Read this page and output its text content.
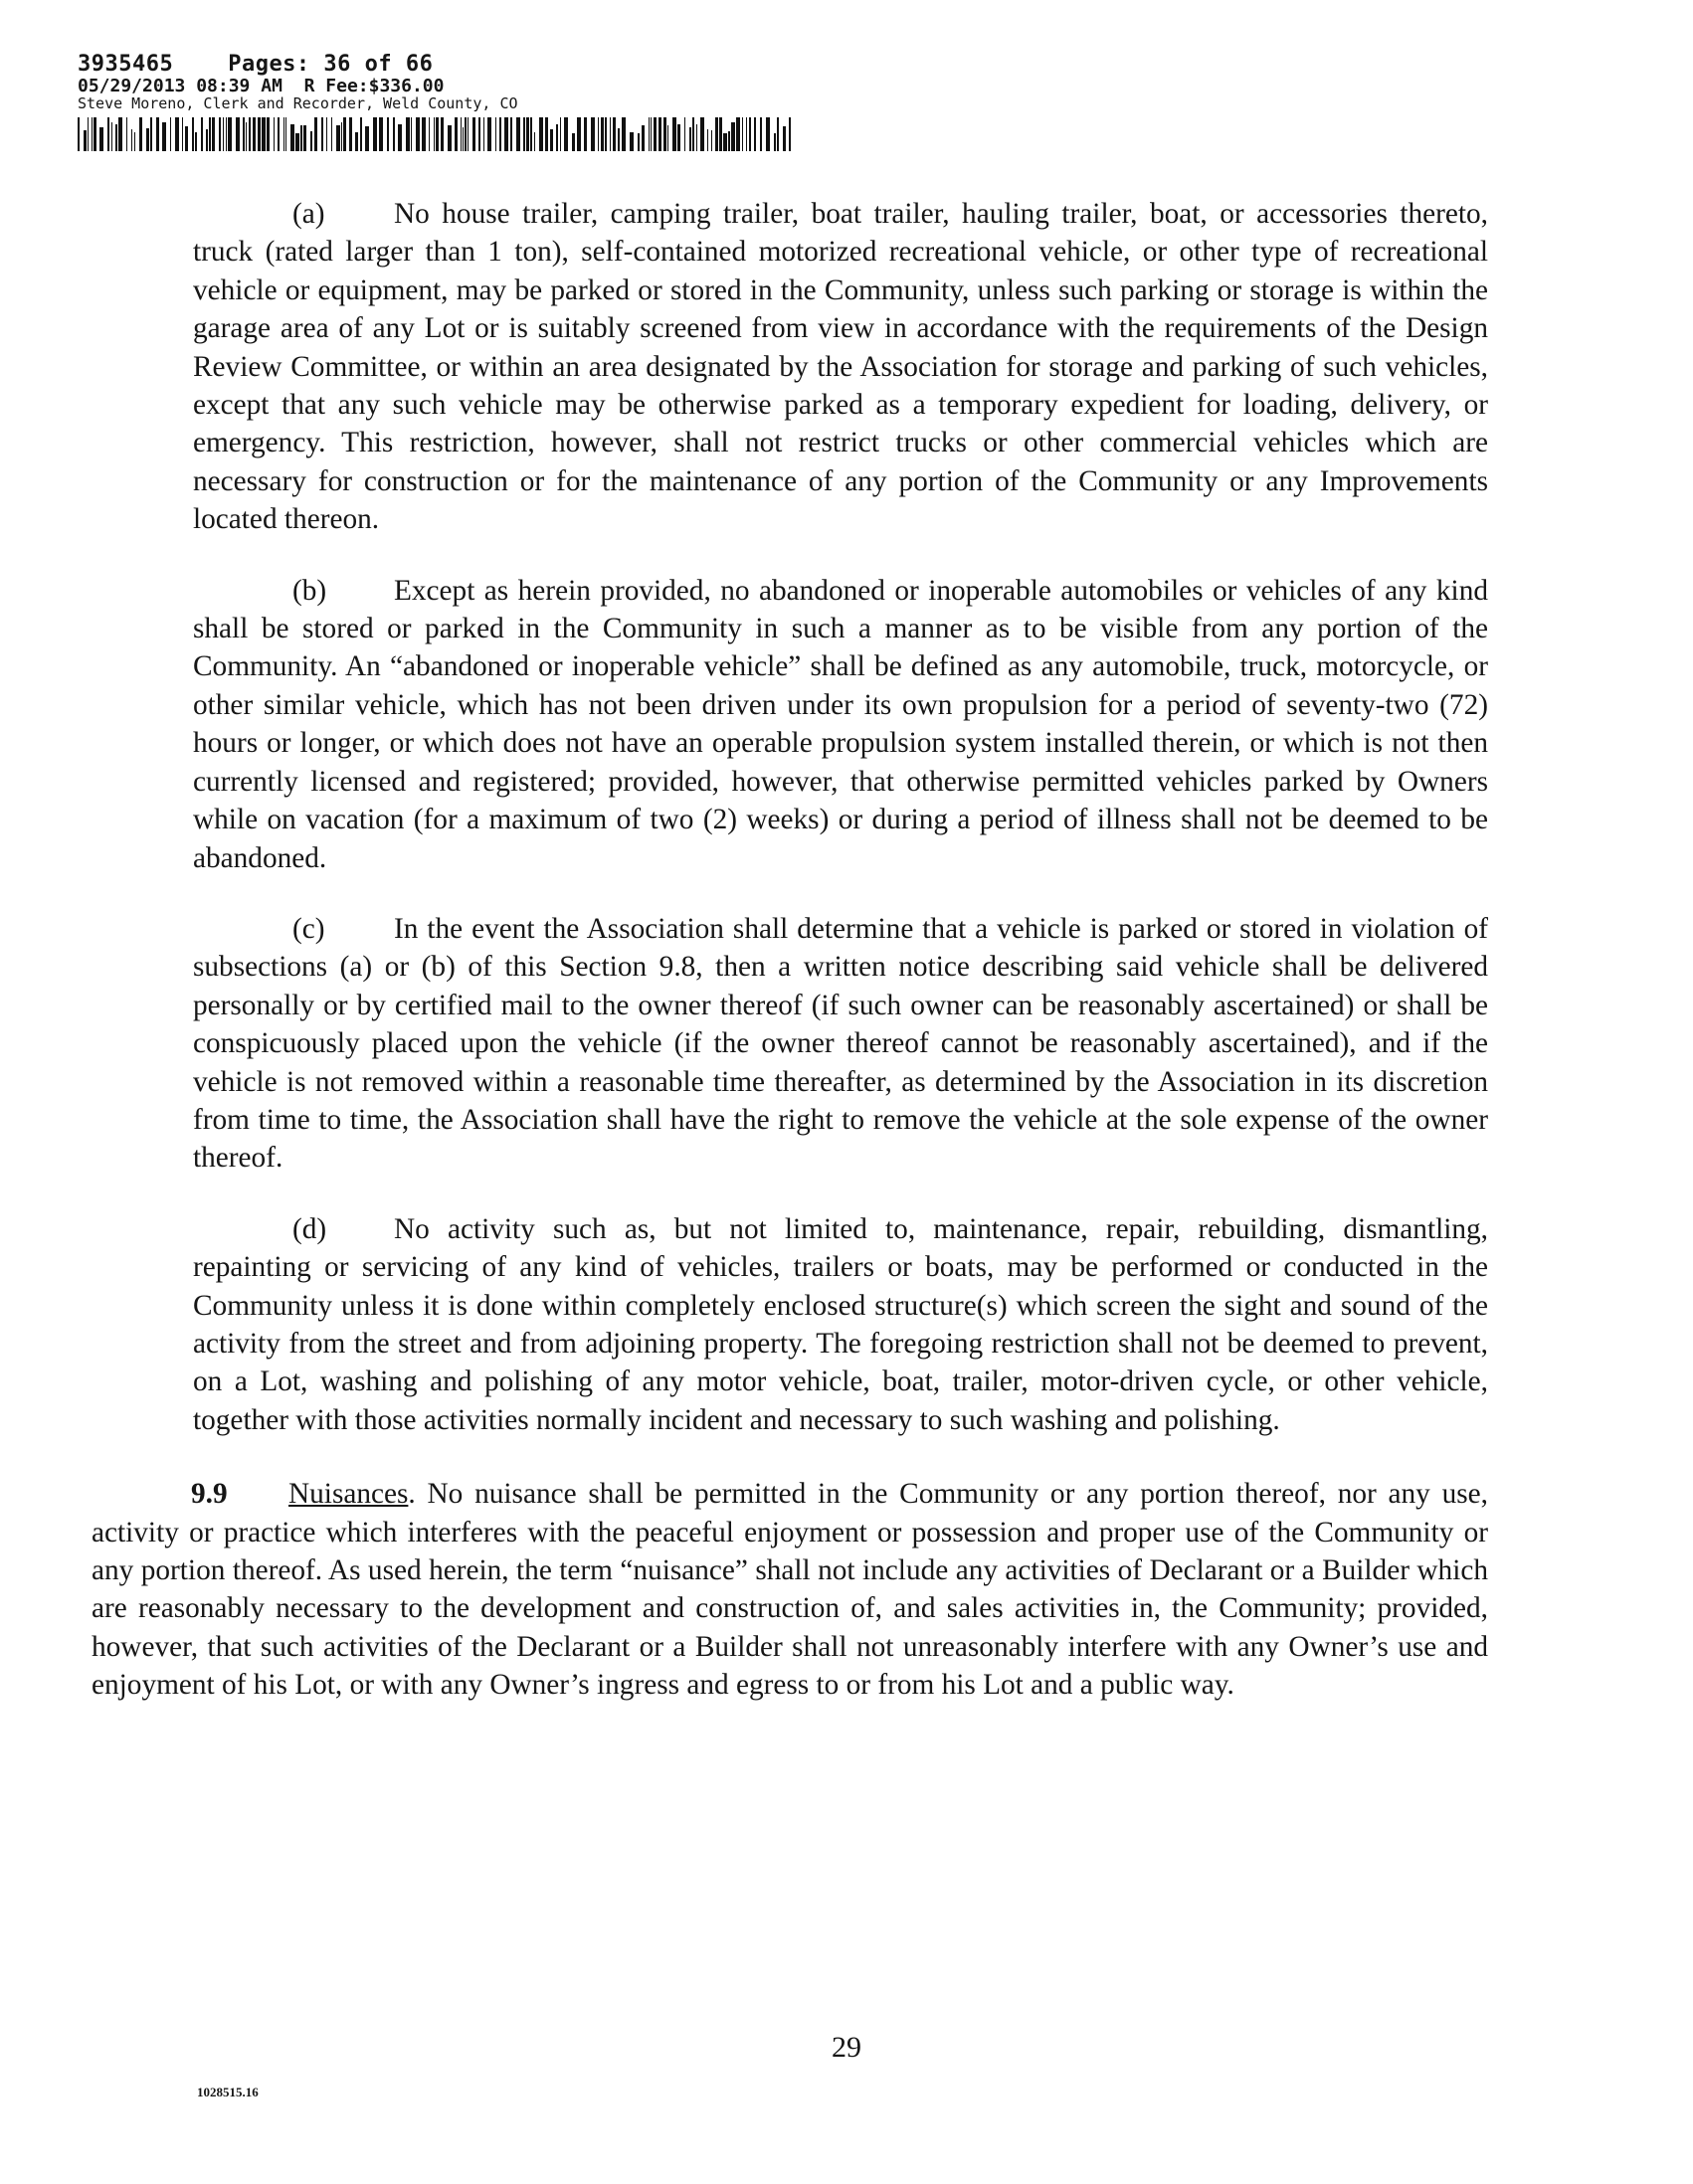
3935465 Pages: 36 of 66
05/29/2013 08:39 AM R Fee:$336.00
Steve Moreno, Clerk and Recorder, Weld County, CO

(a) No house trailer, camping trailer, boat trailer, hauling trailer, boat, or accessories thereto, truck (rated larger than 1 ton), self-contained motorized recreational vehicle, or other type of recreational vehicle or equipment, may be parked or stored in the Community, unless such parking or storage is within the garage area of any Lot or is suitably screened from view in accordance with the requirements of the Design Review Committee, or within an area designated by the Association for storage and parking of such vehicles, except that any such vehicle may be otherwise parked as a temporary expedient for loading, delivery, or emergency. This restriction, however, shall not restrict trucks or other commercial vehicles which are necessary for construction or for the maintenance of any portion of the Community or any Improvements located thereon.

(b) Except as herein provided, no abandoned or inoperable automobiles or vehicles of any kind shall be stored or parked in the Community in such a manner as to be visible from any portion of the Community. An “abandoned or inoperable vehicle” shall be defined as any automobile, truck, motorcycle, or other similar vehicle, which has not been driven under its own propulsion for a period of seventy-two (72) hours or longer, or which does not have an operable propulsion system installed therein, or which is not then currently licensed and registered; provided, however, that otherwise permitted vehicles parked by Owners while on vacation (for a maximum of two (2) weeks) or during a period of illness shall not be deemed to be abandoned.

(c) In the event the Association shall determine that a vehicle is parked or stored in violation of subsections (a) or (b) of this Section 9.8, then a written notice describing said vehicle shall be delivered personally or by certified mail to the owner thereof (if such owner can be reasonably ascertained) or shall be conspicuously placed upon the vehicle (if the owner thereof cannot be reasonably ascertained), and if the vehicle is not removed within a reasonable time thereafter, as determined by the Association in its discretion from time to time, the Association shall have the right to remove the vehicle at the sole expense of the owner thereof.

(d) No activity such as, but not limited to, maintenance, repair, rebuilding, dismantling, repainting or servicing of any kind of vehicles, trailers or boats, may be performed or conducted in the Community unless it is done within completely enclosed structure(s) which screen the sight and sound of the activity from the street and from adjoining property. The foregoing restriction shall not be deemed to prevent, on a Lot, washing and polishing of any motor vehicle, boat, trailer, motor-driven cycle, or other vehicle, together with those activities normally incident and necessary to such washing and polishing.

9.9 Nuisances. No nuisance shall be permitted in the Community or any portion thereof, nor any use, activity or practice which interferes with the peaceful enjoyment or possession and proper use of the Community or any portion thereof. As used herein, the term “nuisance” shall not include any activities of Declarant or a Builder which are reasonably necessary to the development and construction of, and sales activities in, the Community; provided, however, that such activities of the Declarant or a Builder shall not unreasonably interfere with any Owner’s use and enjoyment of his Lot, or with any Owner’s ingress and egress to or from his Lot and a public way.

29
1028515.16
